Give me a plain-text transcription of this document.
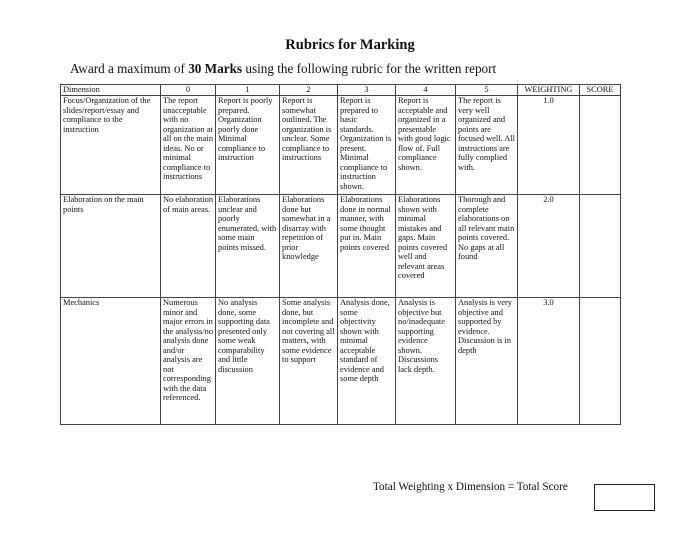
Rubrics for Marking
Award a maximum of 30 Marks using the following rubric for the written report
Dimension	0	1	2	3	4	5	WEIGHTING	SCORE
Focus/Organization of the slides/report/essay and compliance to the instruction	The report unacceptable with no organization at all on the main ideas. No or minimal compliance to instructions	Report is poorly prepared. Organization poorly done Minimal compliance to instruction	Report is somewhat outlined. The organization is unclear. Some compliance to instructions	Report is prepared to basic standards. Organization is present. Minimal compliance to instruction shown.	Report is acceptable and organized in a presentable with good logic flow of. Full compliance shown.	The report is very well organized and points are focused well. All instructions are fully complied with.	1.0	
Elaboration on the main points	No elaboration of main areas.	Elaborations unclear and poorly enumerated, with some main points missed.	Elaborations done but somewhat in a disarray with repetition of prior knowledge	Elaborations done in normal manner, with some thought put in. Main points covered	Elaborations shown with minimal mistakes and gaps. Main points covered well and relevant areas covered	Thorough and complete elaborations on all relevant main points covered. No gaps at all found	2.0	
Mechanics	Numerous minor and major errors in the analysis/no analysis done and/or analysis are not corresponding with the data referenced.	No analysis done, some supporting data presented only some weak comparability and little discussion	Some analysis done, but incomplete and not covering all matters, with some evidence to support	Analysis done, some objectivity shown with minimal acceptable standard of evidence and some depth	Analysis is objective but no/inadequate supporting evidence shown. Discussions lack depth.	Analysis is very objective and supported by evidence. Discussion is in depth	3.0	
Total Weighting x Dimension = Total Score
